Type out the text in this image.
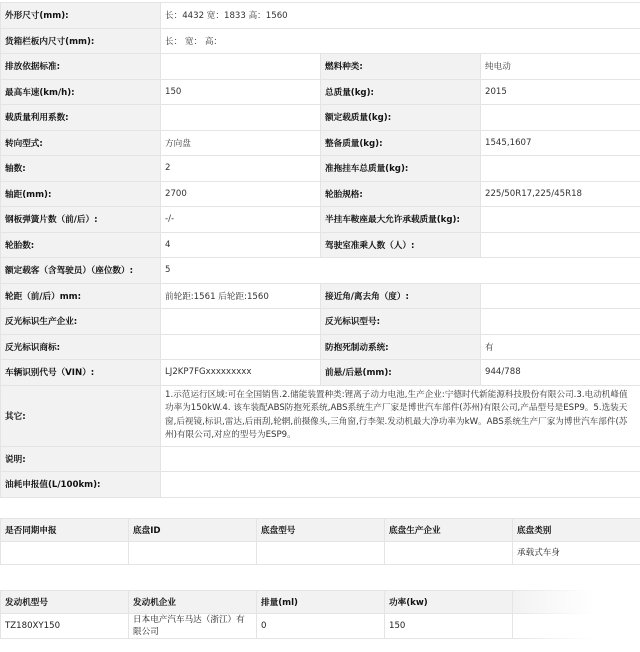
外形尺寸(mm):	长：4432 宽：1833 高：1560		
货箱栏板内尺寸(mm):	长： 宽： 高：		
排放依据标准:		燃料种类:	纯电动
最高车速(km/h):	150	总质量(kg):	2015
载质量利用系数:		额定载质量(kg):	
转向型式:	方向盘	整备质量(kg):	1545,1607
轴数:	2	准拖挂车总质量(kg):	
轴距(mm):	2700	轮胎规格:	225/50R17,225/45R18
钢板弹簧片数（前/后）:	-/-	半挂车鞍座最大允许承载质量(kg):	
轮胎数:	4	驾驶室准乘人数（人）:	
额定载客（含驾驶员）（座位数）:	5		
轮距（前/后）mm:	前轮距:1561 后轮距:1560	接近角/离去角（度）:	
反光标识生产企业:		反光标识型号:	
反光标识商标:		防抱死制动系统:	有
车辆识别代号（VIN）:	LJ2KP7FGxxxxxxxxx	前悬/后悬(mm):	944/788
其它:	1.示范运行区域:可在全国销售.2.储能装置种类:锂离子动力电池,生产企业:宁德时代新能源科技股份有限公司.3.电动机峰值功率为150kW.4. 该车装配ABS防抱死系统,ABS系统生产厂家是博世汽车部件(苏州)有限公司,产品型号是ESP9。5.选装天窗,后视镜,标识,雷达,后雨刮,轮辋,前摄像头,三角窗,行李架.发动机最大净功率为kW。ABS系统生产厂家为博世汽车部件(苏州)有限公司,对应的型号为ESP9。		
说明:			
油耗申报值(L/100km):			
是否同期申报	底盘ID	底盘型号	底盘生产企业	底盘类别
				承载式车身
发动机型号	发动机企业	排量(ml)	功率(kw)	
TZ180XY150	日本电产汽车马达（浙江）有限公司	0	150	
